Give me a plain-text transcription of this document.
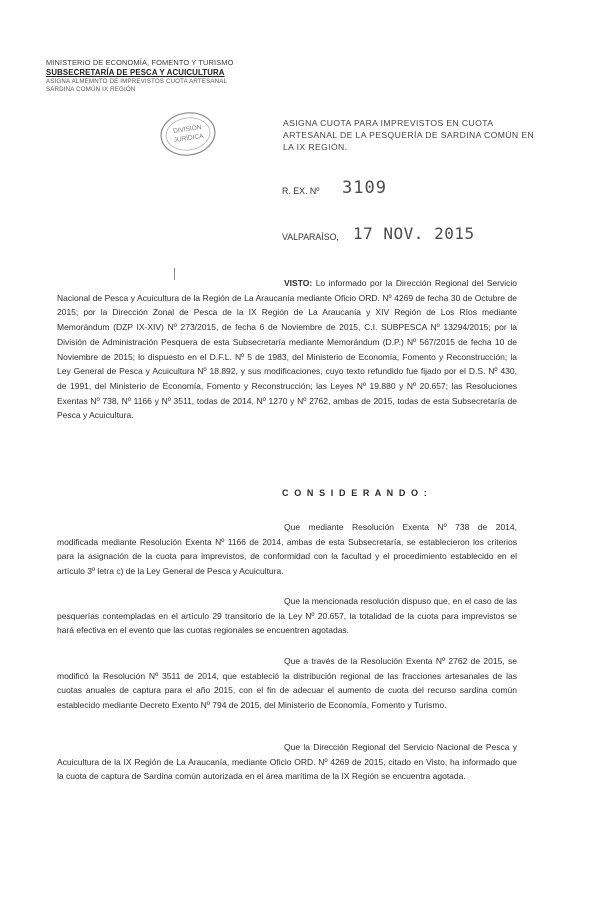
MINISTERIO DE ECONOMÍA, FOMENTO Y TURISMO
SUBSECRETARÍA DE PESCA Y ACUICULTURA
ASIGNA ALMEMNTO DE IMPREVISTOS CUOTA ARTESANAL
SARDINA COMÚN IX REGIÓN
DIVISIÓN
JURÍDICA
ASIGNA CUOTA PARA IMPREVISTOS EN CUOTA ARTESANAL DE LA PESQUERÍA DE SARDINA COMÚN EN LA IX REGIÓN.
R. EX. Nº 3109
VALPARAÍSO, 17 NOV. 2015
VISTO: Lo informado por la Dirección Regional del Servicio Nacional de Pesca y Acuicultura de la Región de La Araucanía mediante Oficio ORD. Nº 4269 de fecha 30 de Octubre de 2015; por la Dirección Zonal de Pesca de la IX Región de La Araucanía y XIV Región de Los Ríos mediante Memorándum (DZP IX-XIV) Nº 273/2015, de fecha 6 de Noviembre de 2015, C.I. SUBPESCA Nº 13294/2015; por la División de Administración Pesquera de esta Subsecretaría mediante Memorándum (D.P.) Nº 567/2015 de fecha 10 de Noviembre de 2015; lo dispuesto en el D.F.L. Nº 5 de 1983, del Ministerio de Economía, Fomento y Reconstrucción; la Ley General de Pesca y Acuicultura Nº 18.892, y sus modificaciones, cuyo texto refundido fue fijado por el D.S. Nº 430, de 1991, del Ministerio de Economía, Fomento y Reconstrucción; las Leyes Nº 19.880 y Nº 20.657; las Resoluciones Exentas Nº 738, Nº 1166 y Nº 3511, todas de 2014, Nº 1270 y Nº 2762, ambas de 2015, todas de esta Subsecretaría de Pesca y Acuicultura.
C O N S I D E R A N D O :
Que mediante Resolución Exenta Nº 738 de 2014, modificada mediante Resolución Exenta Nº 1166 de 2014, ambas de esta Subsecretaría, se establecieron los criterios para la asignación de la cuota para imprevistos, de conformidad con la facultad y el procedimiento establecido en el artículo 3º letra c) de la Ley General de Pesca y Acuicultura.
Que la mencionada resolución dispuso que, en el caso de las pesquerías contempladas en el artículo 29 transitorio de la Ley Nº 20.657, la totalidad de la cuota para imprevistos se hará efectiva en el evento que las cuotas regionales se encuentren agotadas.
Que a través de la Resolución Exenta Nº 2762 de 2015, se modificó la Resolución Nº 3511 de 2014, que estableció la distribución regional de las fracciones artesanales de las cuotas anuales de captura para el año 2015, con el fin de adecuar el aumento de cuota del recurso sardina común establecido mediante Decreto Exento Nº 794 de 2015, del Ministerio de Economía, Fomento y Turismo.
Que la Dirección Regional del Servicio Nacional de Pesca y Acuicultura de la IX Región de La Araucanía, mediante Oficio ORD. Nº 4269 de 2015, citado en Visto, ha informado que la cuota de captura de Sardina común autorizada en el área marítima de la IX Región se encuentra agotada.
